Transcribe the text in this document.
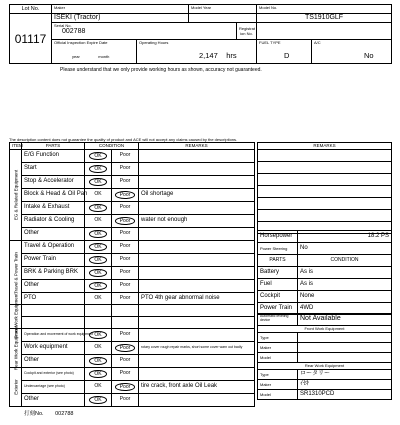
Lot No.	Maker		Model Year		Model No.	

01117	ISEKI (Tractor)				TS1910GLF	

	Serial No.
002788			Registrat ion No.		

	Official Inspection Expire Date
year month	Operating Hours
2,147 hrs			FUEL TYPE
D	A/C
No
Please understand that we only provide working hours as shown, accuracy not guaranteed.
The description content does not guarantee the quality of product and ACE will not accept any claims caused by the descriptions.
ITEM	PARTS	CONDITION		REMARKS

EG & Related Equipment	E/G Function	OK	Poor	
	Start	OK	Poor	
	Stop & Accelerator	OK	Poor	
	Block & Head & Oil Pan	OK	Poor	Oil shortage
	Intake & Exhaust	OK	Poor	
	Radiator & Cooling	OK	Poor	water not enough
	Other	OK	Poor	

Travel & Power Train	Travel & Operation	OK	Poor	
	Power Train	OK	Poor	
	BRK & Parking BRK	OK	Poor	
	Other	OK	Poor	
	PTO	OK	Poor	PTO 4th gear abnormal noise

Front Work Equipment				

Rear Work Equipment	Operation and movement of work equipment	OK	Poor	
	Work equipment	OK	Poor	rotary cover rough repair marks, short some cover warn out badly
	Other	OK	Poor	

Exterior	Cockpit and exterior (see photo)	OK	Poor	
	Undercarriage (see photo)	OK	Poor	tire crack, front axle Oil Leak
	Other	OK	Poor	
REMARKS

Horsepower	18.2 PS
Power Steering	No
PARTS	CONDITION
Battery	As is
Fuel	As is
Cockpit	None
Power Train	4WD
Automatic leveling device	Not Available
Front Work Equipment	
Type	
Maker	
Model	
Rear Work Equipment	
Type	ロータリー
Maker	ｲｾｷ
Model	SR1310PCD
打刻No. 002788
